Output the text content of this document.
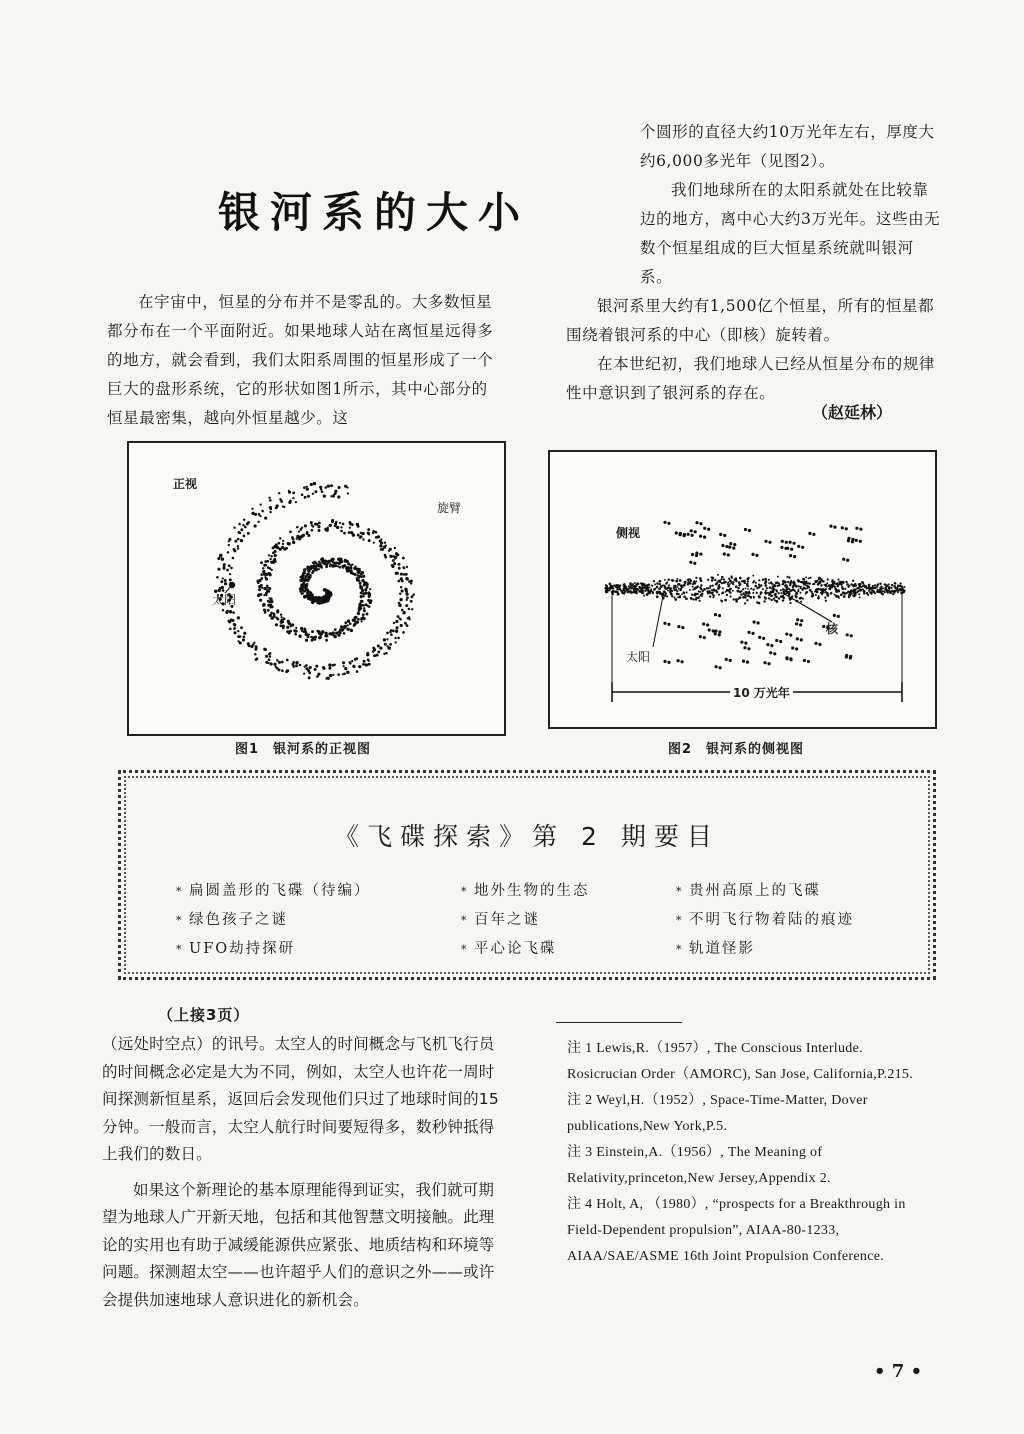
银河系的大小

在宇宙中，恒星的分布并不是零乱的。大多数恒星都分布在一个平面附近。如果地球人站在离恒星远得多的地方，就会看到，我们太阳系周围的恒星形成了一个巨大的盘形系统，它的形状如图1所示，其中心部分的恒星最密集，越向外恒星越少。这

个圆形的直径大约10万光年左右，厚度大约6,000多光年（见图2）。

我们地球所在的太阳系就处在比较靠边的地方，离中心大约3万光年。这些由无数个恒星组成的巨大恒星系统就叫银河系。

银河系里大约有1,500亿个恒星，所有的恒星都围绕着银河系的中心（即核）旋转着。

在本世纪初，我们地球人已经从恒星分布的规律性中意识到了银河系的存在。

（赵延林）
正视
旋臂
太阳
图1　银河系的正视图
侧视
核
太阳
10 万光年
图2　银河系的侧视图
《飞碟探索》第 2 期要目
* 扁圆盖形的飞碟（待编）
* 绿色孩子之谜
* UFO劫持探研
* 地外生物的生态
* 百年之谜
* 平心论飞碟
* 贵州高原上的飞碟
* 不明飞行物着陆的痕迹
* 轨道怪影
（上接3页）

（远处时空点）的讯号。太空人的时间概念与飞机飞行员的时间概念必定是大为不同，例如，太空人也许花一周时间探测新恒星系，返回后会发现他们只过了地球时间的15分钟。一般而言，太空人航行时间要短得多，数秒钟抵得上我们的数日。

如果这个新理论的基本原理能得到证实，我们就可期望为地球人广开新天地，包括和其他智慧文明接触。此理论的实用也有助于减缓能源供应紧张、地质结构和环境等问题。探测超太空——也许超乎人们的意识之外——或许会提供加速地球人意识进化的新机会。

注 1 Lewis,R.（1957）, The Conscious Interlude. Rosicrucian Order（AMORC), San Jose, California,P.215.

注 2 Weyl,H.（1952）, Space-Time-Matter, Dover publications,New York,P.5.

注 3 Einstein,A.（1956）, The Meaning of Relativity,princeton,New Jersey,Appendix 2.

注 4 Holt, A, （1980）, “prospects for a Breakthrough in Field-Dependent propulsion”, AIAA-80-1233, AIAA/SAE/ASME 16th Joint Propulsion Conference.

• 7 •
